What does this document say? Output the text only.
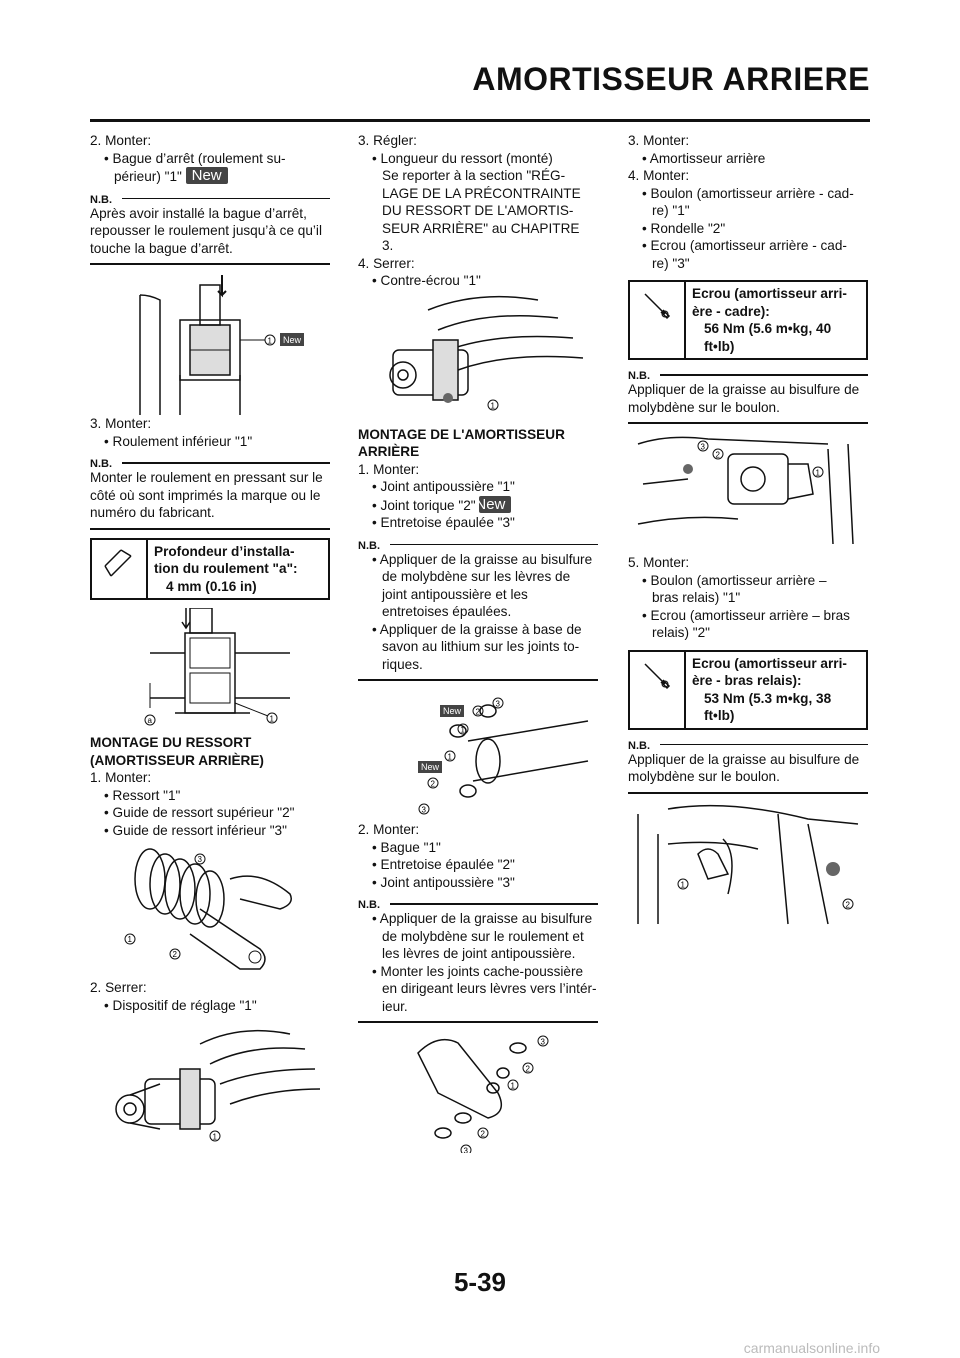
AMORTISSEUR ARRIERE

2. Monter:

• Bague d’arrêt (roulement su-

périeur) "1" New

N.B.

Après avoir installé la bague d’arrêt, repousser le roulement jusqu’à ce qu’il touche la bague d’arrêt.

1 New

3. Monter:

• Roulement inférieur "1"

N.B.

Monter le roulement en pressant sur le côté où sont imprimés la marque ou le numéro du fabricant.

Profondeur d’installa-
tion du roulement "a":
4 mm (0.16 in)
a	1
MONTAGE DU RESSORT
(AMORTISSEUR ARRIÈRE)

1. Monter:

• Ressort "1"

• Guide de ressort supérieur "2"

• Guide de ressort inférieur "3"

3
1
2

2. Serrer:

• Dispositif de réglage "1"

1

3. Régler:

• Longueur du ressort (monté)

Se reporter à la section "RÉG-

LAGE DE LA PRÉCONTRAINTE

DU RESSORT DE L'AMORTIS-

SEUR ARRIÈRE" au CHAPITRE

3.

4. Serrer:

• Contre-écrou "1"

1
MONTAGE DE L'AMORTISSEUR
ARRIÈRE

1. Monter:

• Joint antipoussière "1"

• Joint torique "2" New

• Entretoise épaulée "3"

N.B.

• Appliquer de la graisse au bisulfure de molybdène sur les lèvres de joint antipoussière et les entretoises épaulées.

• Appliquer de la graisse à base de savon au lithium sur les joints to- riques.

New
New
2
3
1
1
2
3

2. Monter:

• Bague "1"

• Entretoise épaulée "2"

• Joint antipoussière "3"

N.B.

• Appliquer de la graisse au bisulfure de molybdène sur le roulement et les lèvres de joint antipoussière.

• Monter les joints cache-poussière en dirigeant leurs lèvres vers l’intér- ieur.

3
2
1
2
3

3. Monter:

• Amortisseur arrière

4. Monter:

• Boulon (amortisseur arrière - cad-

re) "1"

• Rondelle "2"

• Ecrou (amortisseur arrière - cad-

re) "3"

Ecrou (amortisseur arri-
ère - cadre):
56 Nm (5.6 m•kg, 40
ft•lb)
N.B.

Appliquer de la graisse au bisulfure de molybdène sur le boulon.

3
2
1

5. Monter:

• Boulon (amortisseur arrière –

bras relais) "1"

• Ecrou (amortisseur arrière – bras

relais) "2"

Ecrou (amortisseur arri-
ère - bras relais):
53 Nm (5.3 m•kg, 38
ft•lb)
N.B.

Appliquer de la graisse au bisulfure de molybdène sur le boulon.

1
2
5-39
carmanualsonline.info
